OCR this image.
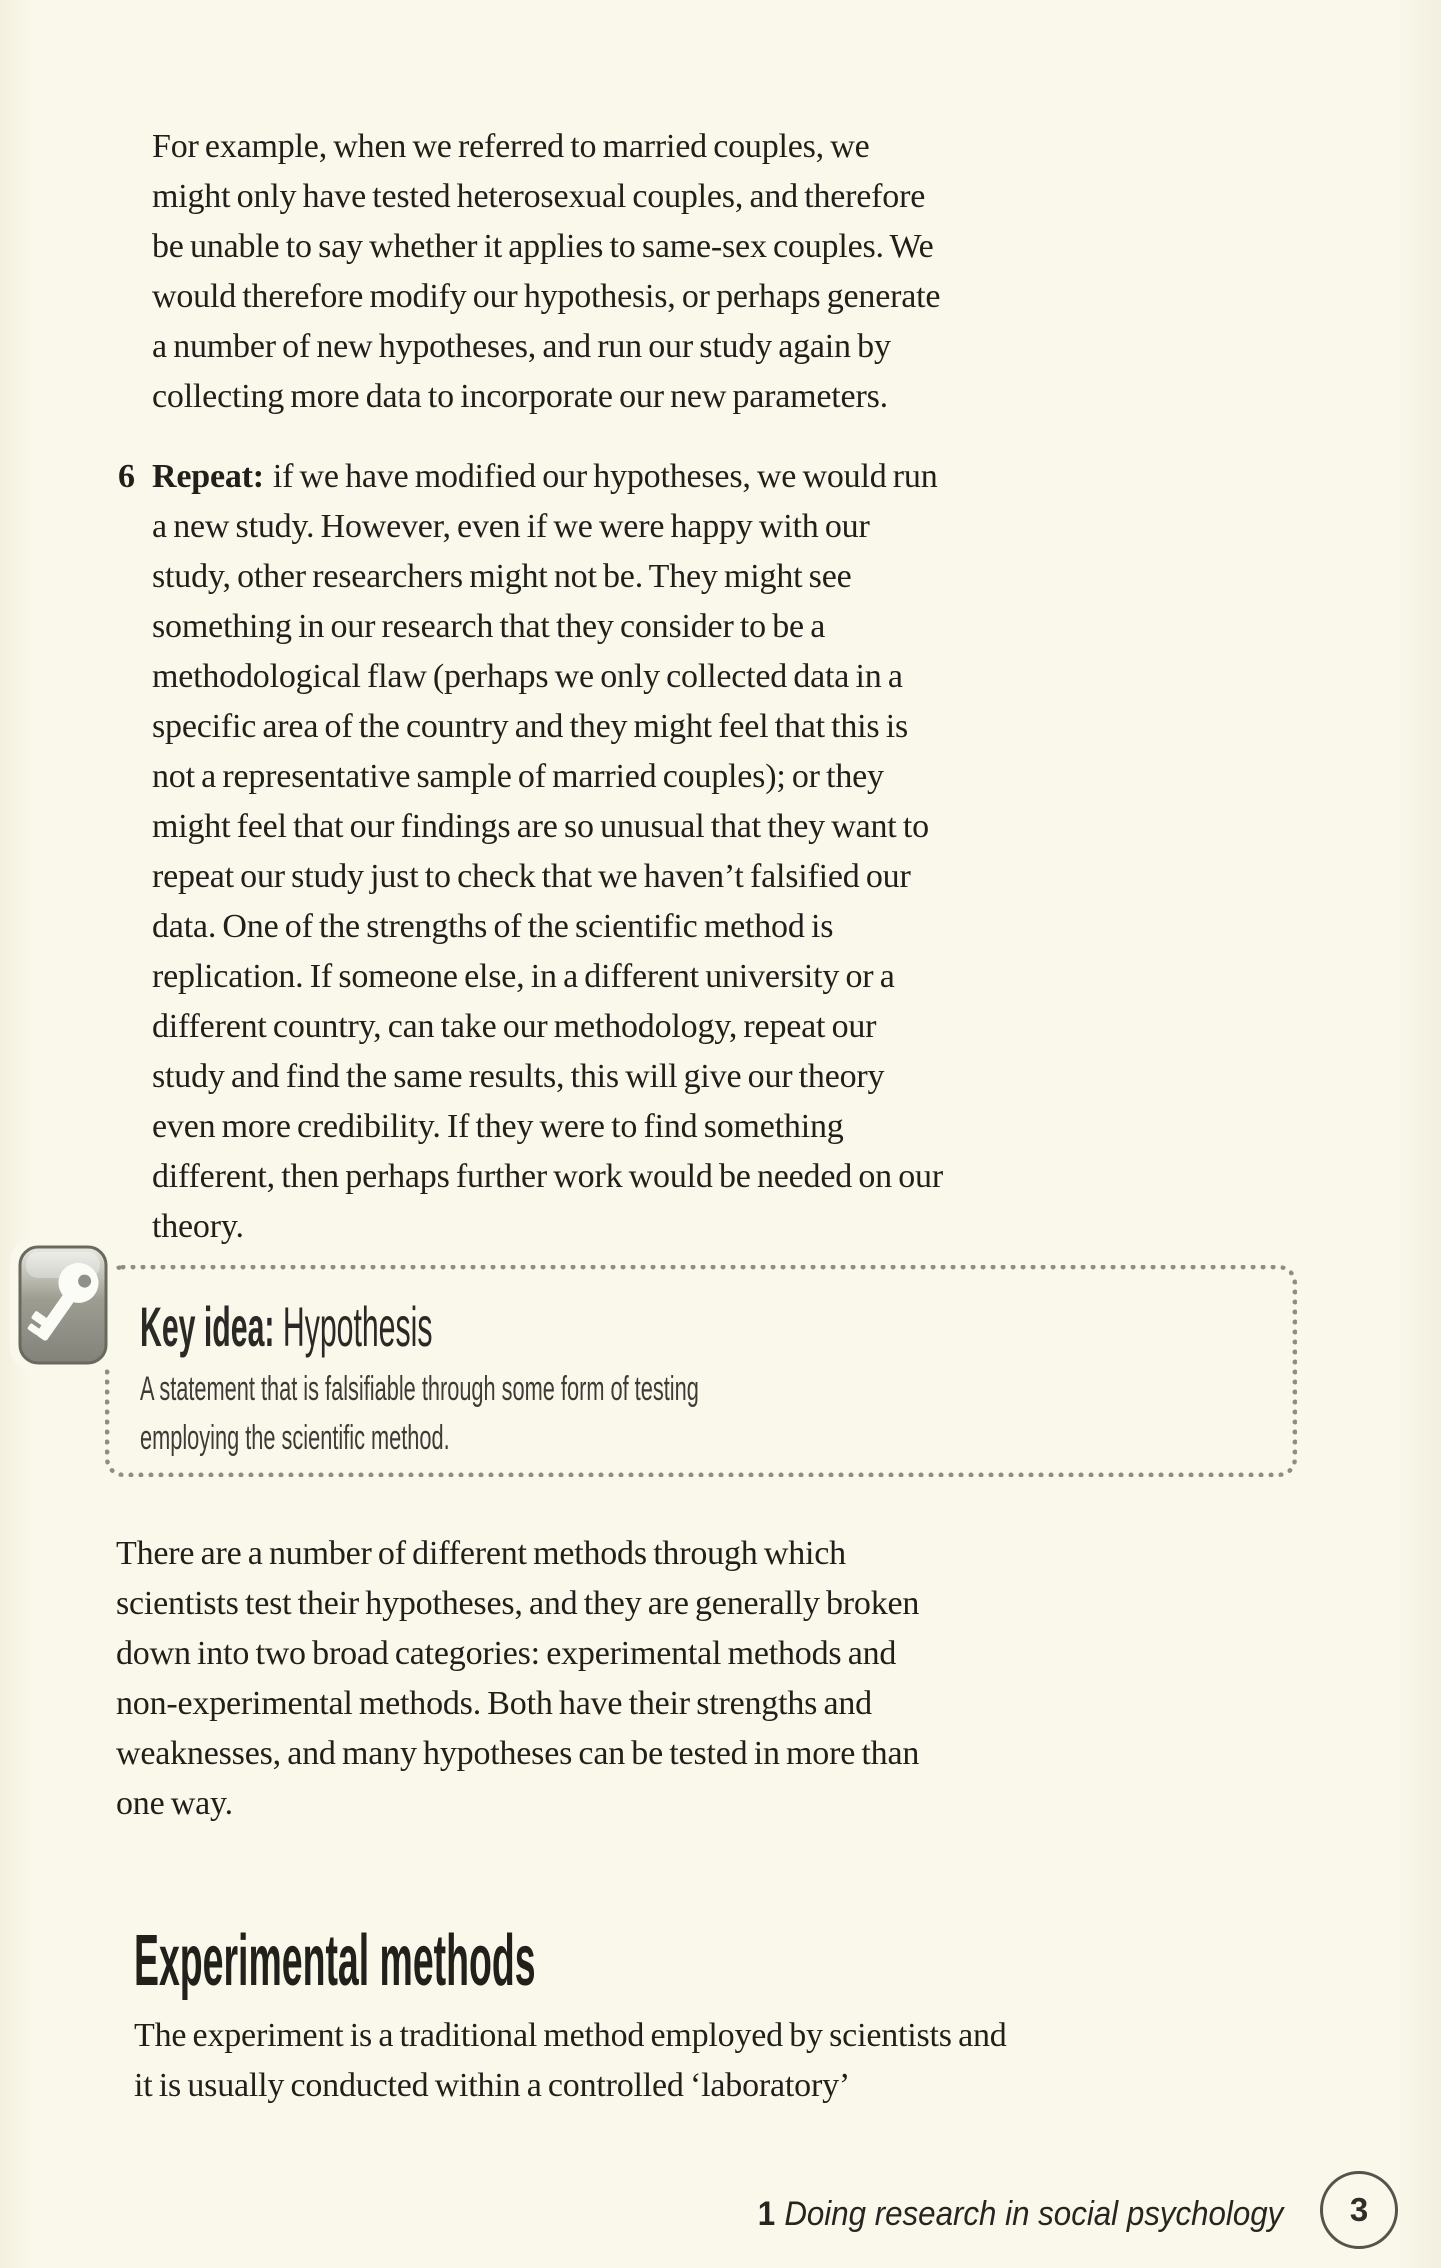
For example, when we referred to married couples, we might only have tested heterosexual couples, and therefore be unable to say whether it applies to same-sex couples. We would therefore modify our hypothesis, or perhaps generate a number of new hypotheses, and run our study again by collecting more data to incorporate our new parameters.
6 Repeat: if we have modified our hypotheses, we would run a new study. However, even if we were happy with our study, other researchers might not be. They might see something in our research that they consider to be a methodological flaw (perhaps we only collected data in a specific area of the country and they might feel that this is not a representative sample of married couples); or they might feel that our findings are so unusual that they want to repeat our study just to check that we haven’t falsified our data. One of the strengths of the scientific method is replication. If someone else, in a different university or a different country, can take our methodology, repeat our study and find the same results, this will give our theory even more credibility. If they were to find something different, then perhaps further work would be needed on our theory.
Key idea: Hypothesis
A statement that is falsifiable through some form of testing employing the scientific method.
There are a number of different methods through which scientists test their hypotheses, and they are generally broken down into two broad categories: experimental methods and non-experimental methods. Both have their strengths and weaknesses, and many hypotheses can be tested in more than one way.
Experimental methods
The experiment is a traditional method employed by scientists and it is usually conducted within a controlled ‘laboratory’
1 Doing research in social psychology 3
